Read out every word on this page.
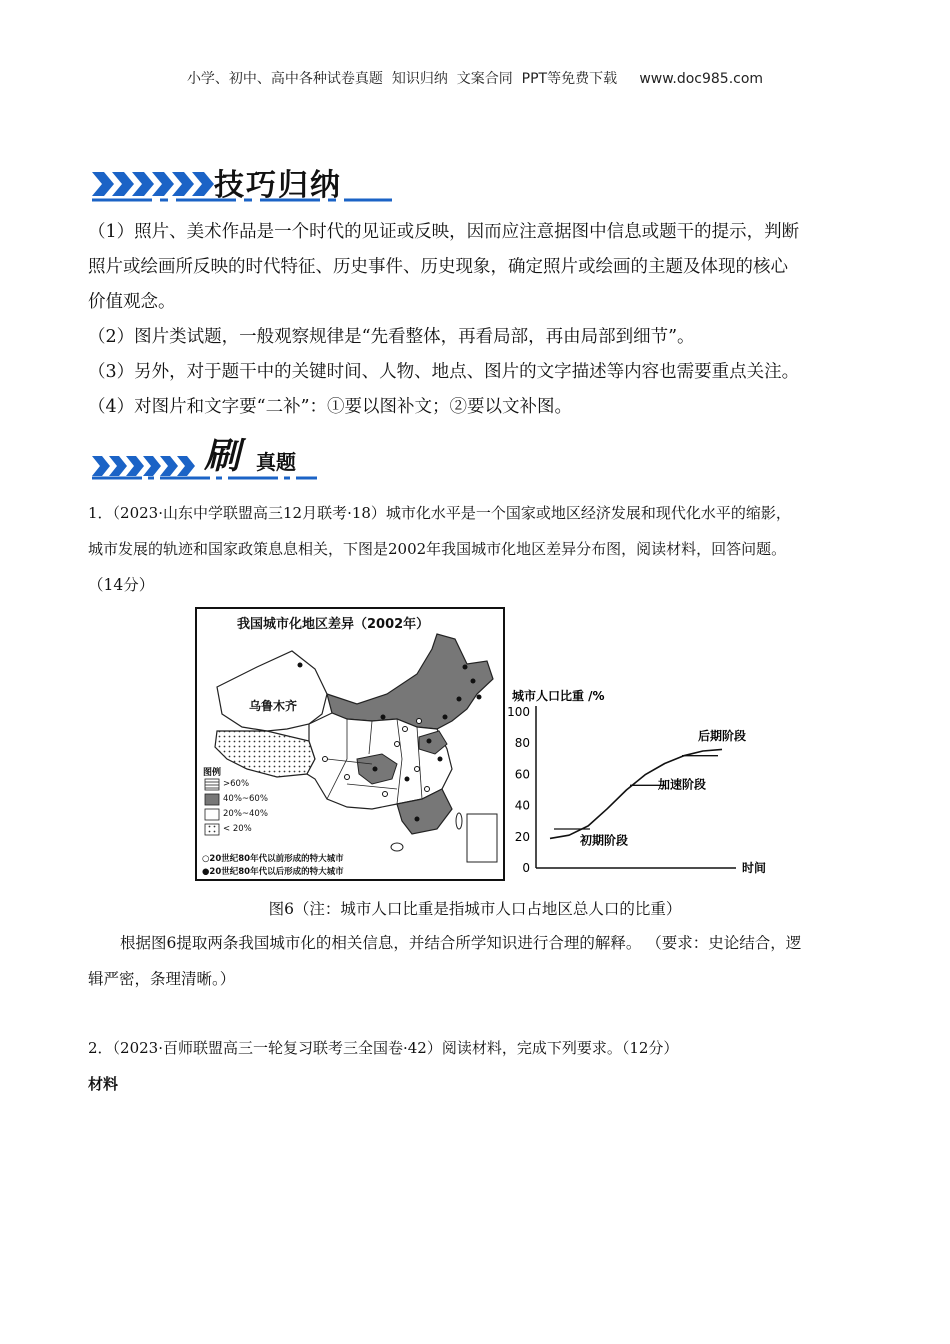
小学、初中、高中各种试卷真题  知识归纳  文案合同  PPT等免费下载     www.doc985.com
技巧归纳
（1）照片、美术作品是一个时代的见证或反映，因而应注意据图中信息或题干的提示，判断
照片或绘画所反映的时代特征、历史事件、历史现象，确定照片或绘画的主题及体现的核心
价值观念。
（2）图片类试题，一般观察规律是“先看整体，再看局部，再由局部到细节”。
（3）另外，对于题干中的关键时间、人物、地点、图片的文字描述等内容也需要重点关注。
（4）对图片和文字要“二补”：①要以图补文；②要以文补图。
刷 真题
1．（2023·山东中学联盟高三12月联考·18）城市化水平是一个国家或地区经济发展和现代化水平的缩影，
城市发展的轨迹和国家政策息息相关，下图是2002年我国城市化地区差异分布图，阅读材料，回答问题。
（14分）
我国城市化地区差异（2002年）
乌鲁木齐
图例
>60%
40%~60%
20%~40%
< 20%
○20世纪80年代以前形成的特大城市
●20世纪80年代以后形成的特大城市
城市人口比重 /%
时间
0
20
40
60
80
100
初期阶段
加速阶段
后期阶段
图6（注：城市人口比重是指城市人口占地区总人口的比重）
根据图6提取两条我国城市化的相关信息，并结合所学知识进行合理的解释。 （要求：史论结合，逻
辑严密，条理清晰。）
2．（2023·百师联盟高三一轮复习联考三全国卷·42）阅读材料，完成下列要求。（12分）
材料
